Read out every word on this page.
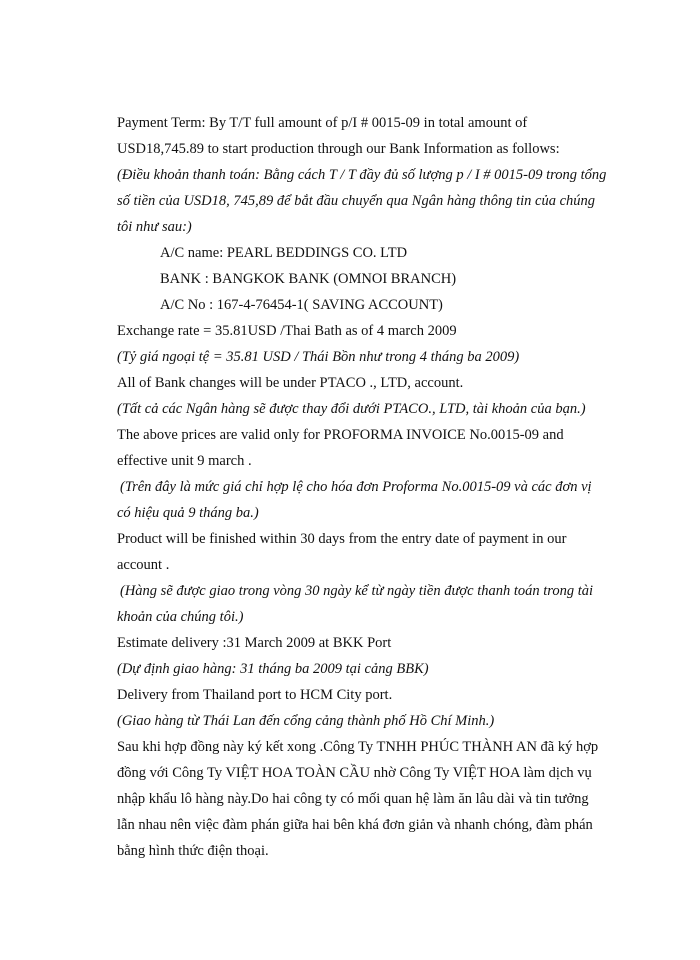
Payment Term: By T/T full amount of p/I # 0015-09 in total amount of
USD18,745.89 to start production through our Bank Information as follows:
(Điều khoản thanh toán: Bằng cách T / T đầy đủ số lượng p / I # 0015-09 trong tổng
số tiền của USD18, 745,89 để bắt đầu chuyển qua Ngân hàng thông tin của chúng
tôi như sau:)
A/C name: PEARL BEDDINGS CO. LTD
BANK : BANGKOK BANK (OMNOI BRANCH)
A/C No : 167-4-76454-1( SAVING ACCOUNT)
Exchange rate = 35.81USD /Thai Bath as of 4 march 2009
(Tỷ giá ngoại tệ = 35.81 USD / Thái Bồn như trong 4 tháng ba 2009)
All of Bank changes will be under PTACO ., LTD, account.
(Tất cả các Ngân hàng sẽ được thay đổi dưới PTACO., LTD, tài khoản của bạn.)
The above prices are valid only for PROFORMA INVOICE No.0015-09 and
effective unit 9 march .
(Trên đây là mức giá chỉ hợp lệ cho hóa đơn Proforma No.0015-09 và các đơn vị
có hiệu quả 9 tháng ba.)
Product will be finished within 30 days from the entry date of payment in our
account .
(Hàng sẽ được giao trong vòng 30 ngày kể từ ngày tiền được thanh toán trong tài
khoản của chúng tôi.)
Estimate delivery :31 March 2009 at BKK Port
(Dự định giao hàng: 31 tháng ba 2009 tại cảng BBK)
Delivery from Thailand port to HCM City port.
(Giao hàng từ Thái Lan đến cổng cảng thành phố Hồ Chí Minh.)
Sau khi hợp đồng này ký kết xong .Công Ty TNHH PHÚC THÀNH AN đã ký hợp
đồng với Công Ty VIỆT HOA TOÀN CẦU nhờ Công Ty VIỆT HOA làm dịch vụ
nhập khẩu lô hàng này.Do hai công ty có mối quan hệ làm ăn lâu dài và tin tưởng
lẫn nhau nên việc đàm phán giữa hai bên khá đơn giản và nhanh chóng, đàm phán
bằng hình thức điện thoại.
